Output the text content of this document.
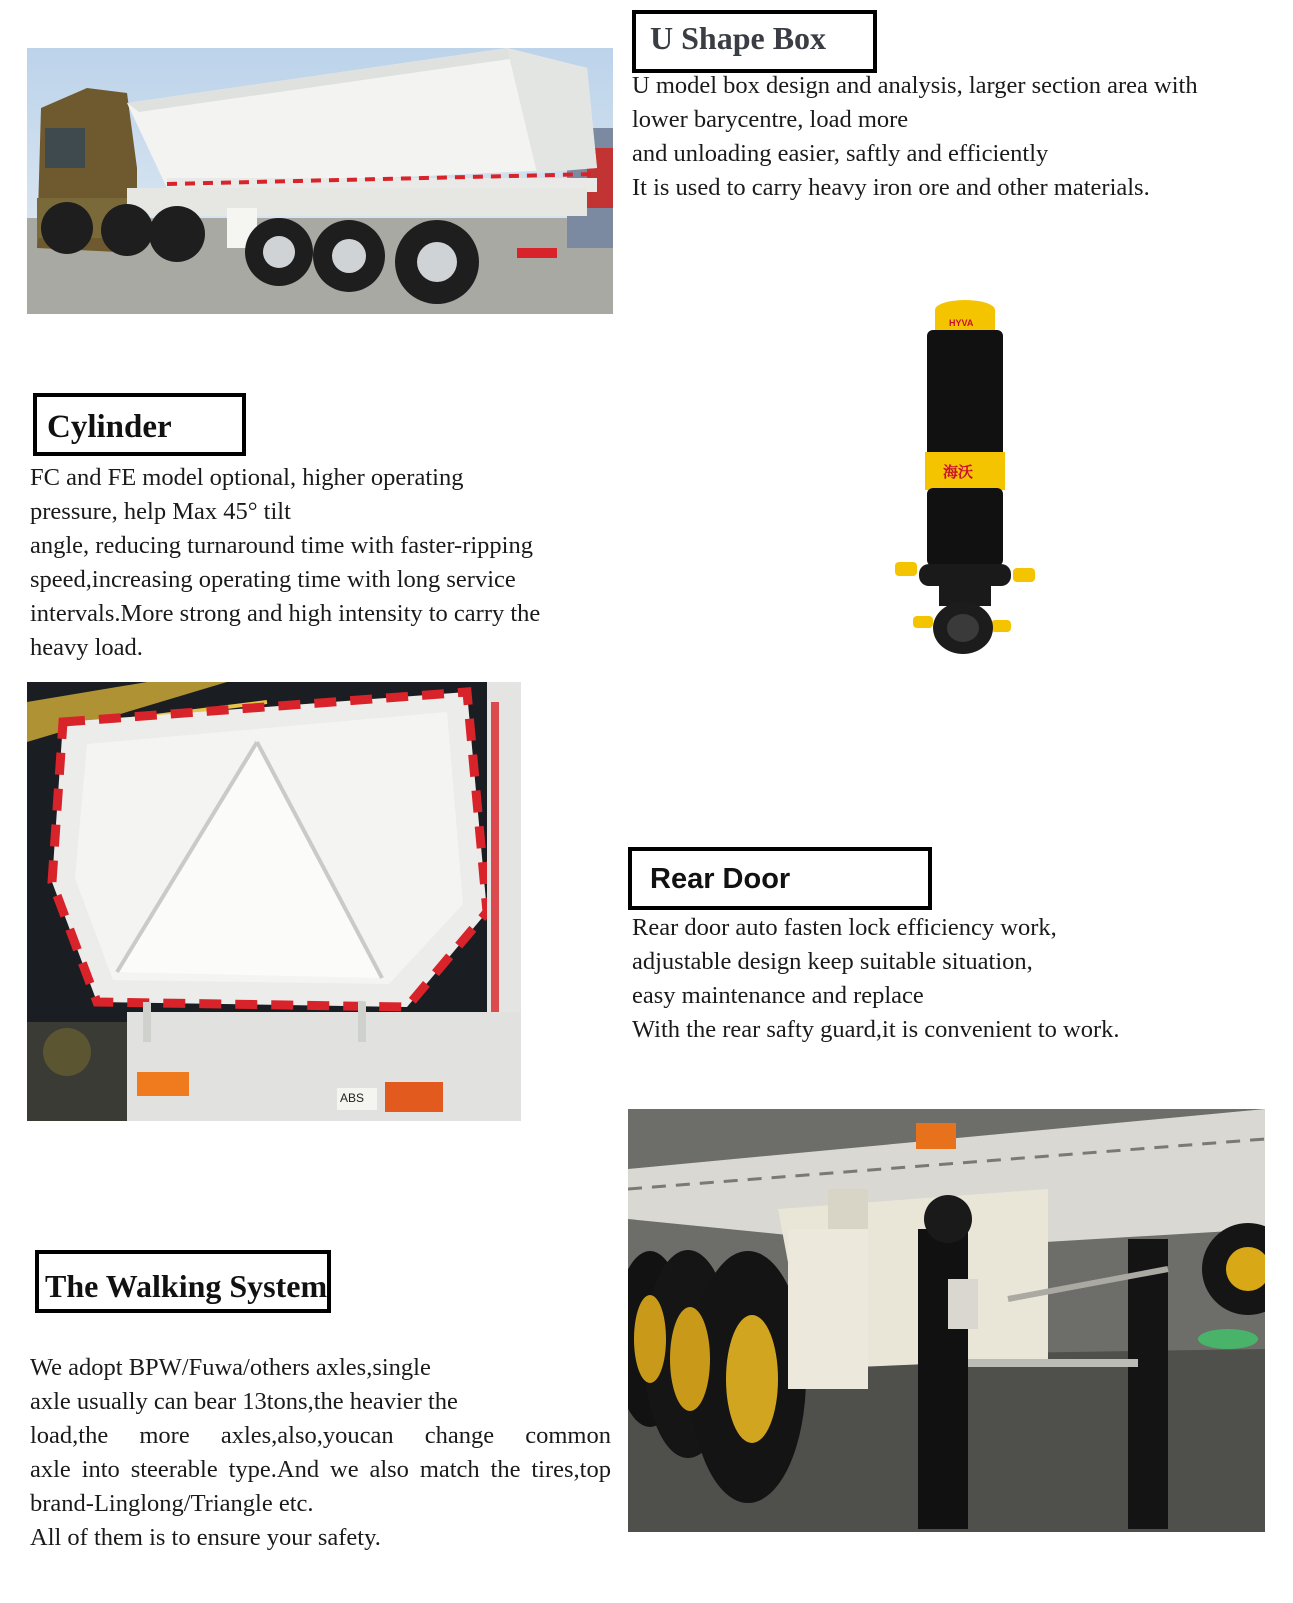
U Shape Box
U model box design and analysis, larger section area with
lower barycentre, load more
and unloading easier, saftly and efficiently
It is used to carry heavy iron ore and other materials.
Cylinder
FC and FE model optional, higher operating
pressure, help Max 45° tilt
angle, reducing turnaround time with faster-ripping
speed,increasing operating time with long service
intervals.More strong and high intensity to carry the
heavy load.
HYVA
海沃
ABS
Rear Door
Rear door auto fasten lock efficiency work,
adjustable design keep suitable situation,
easy maintenance and replace
With the rear safty guard,it is convenient to work.
The Walking System
We adopt BPW/Fuwa/others axles,single
axle usually can bear 13tons,the heavier the
load,the more axles,also,youcan change common
axle into steerable type.And we also match the tires,top
brand-Linglong/Triangle etc.
All of them is to ensure your safety.
